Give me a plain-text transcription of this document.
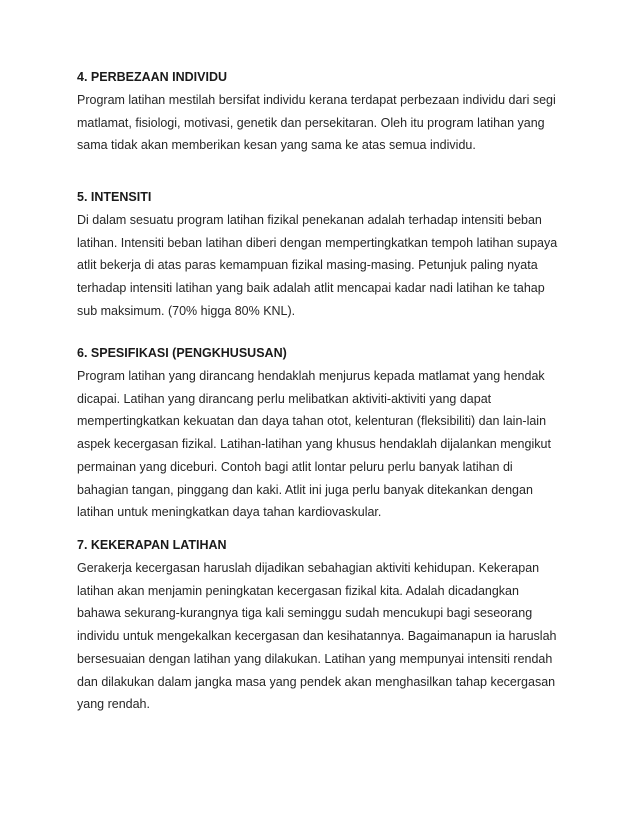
4. PERBEZAAN INDIVIDU

Program latihan mestilah bersifat individu kerana terdapat perbezaan individu dari segi

matlamat, fisiologi, motivasi, genetik dan persekitaran. Oleh itu program latihan yang

sama tidak akan memberikan kesan yang sama ke atas semua individu.

5. INTENSITI

Di dalam sesuatu program latihan fizikal penekanan adalah terhadap intensiti beban

latihan. Intensiti beban latihan diberi dengan mempertingkatkan tempoh latihan supaya

atlit bekerja di atas paras kemampuan fizikal masing-masing. Petunjuk paling nyata

terhadap intensiti latihan yang baik adalah atlit mencapai kadar nadi latihan ke tahap

sub maksimum. (70% higga 80% KNL).

6. SPESIFIKASI (PENGKHUSUSAN)

Program latihan yang dirancang hendaklah menjurus kepada matlamat yang hendak

dicapai. Latihan yang dirancang perlu melibatkan aktiviti-aktiviti yang dapat

mempertingkatkan kekuatan dan daya tahan otot, kelenturan (fleksibiliti) dan lain-lain

aspek kecergasan fizikal. Latihan-latihan yang khusus hendaklah dijalankan mengikut

permainan yang diceburi. Contoh bagi atlit lontar peluru perlu banyak latihan di

bahagian tangan, pinggang dan kaki. Atlit ini juga perlu banyak ditekankan dengan

latihan untuk meningkatkan daya tahan kardiovaskular.

7. KEKERAPAN LATIHAN

Gerakerja kecergasan haruslah dijadikan sebahagian aktiviti kehidupan. Kekerapan

latihan akan menjamin peningkatan kecergasan fizikal kita. Adalah dicadangkan

bahawa sekurang-kurangnya tiga kali seminggu sudah mencukupi bagi seseorang

individu untuk mengekalkan kecergasan dan kesihatannya. Bagaimanapun ia haruslah

bersesuaian dengan latihan yang dilakukan. Latihan yang mempunyai intensiti rendah

dan dilakukan dalam jangka masa yang pendek akan menghasilkan tahap kecergasan

yang rendah.
